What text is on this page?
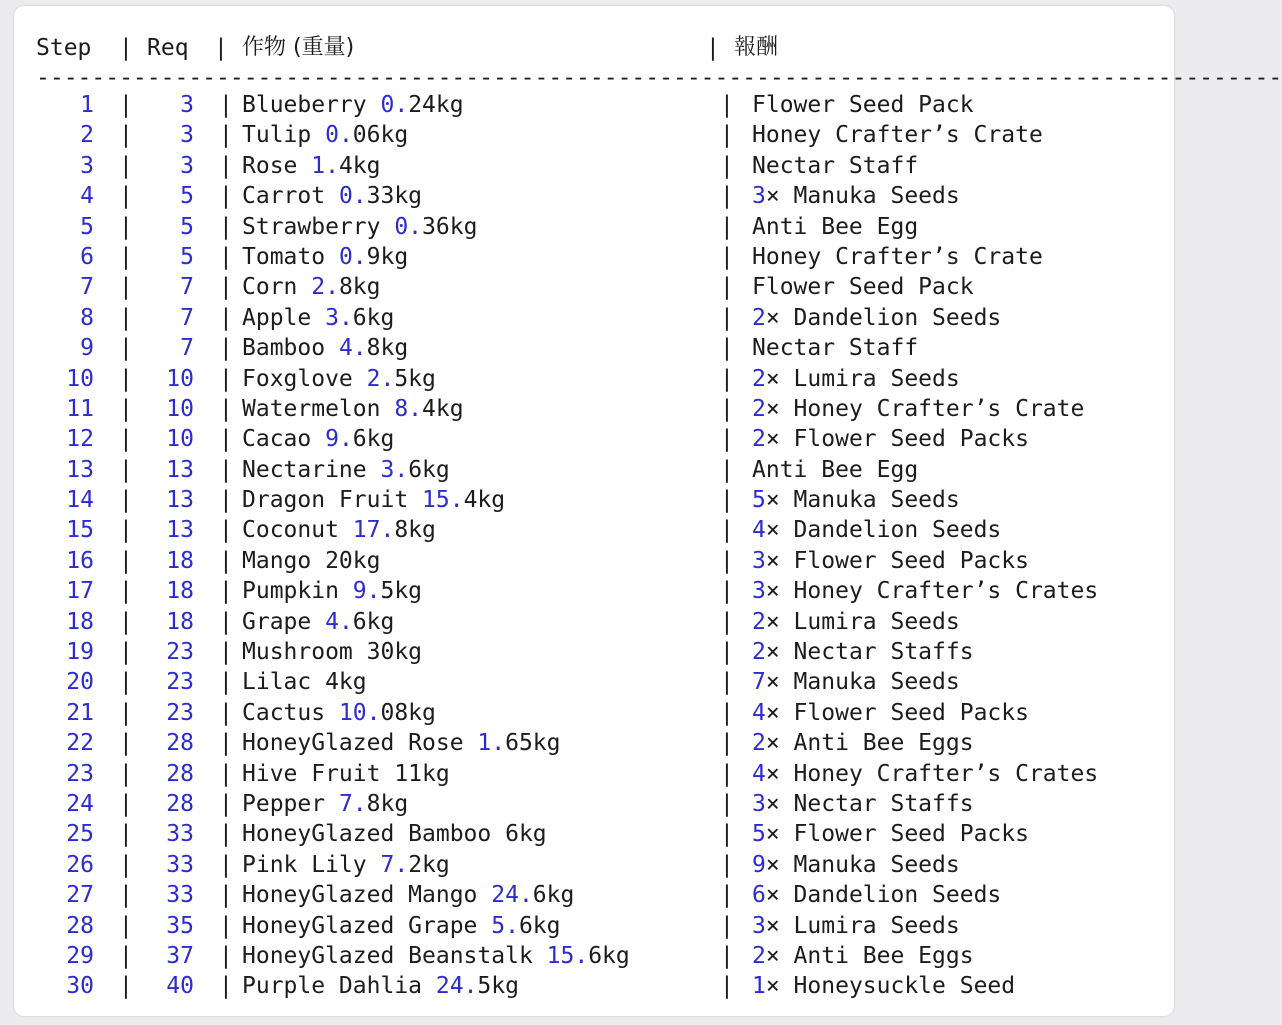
Step | Req | 作物 (重量)	| 報酬
------------------------------------------------------------------------------------------
1 |	3 | Blueberry 0.24kg	| Flower Seed Pack
2 |	3 | Tulip 0.06kg	| Honey Crafter’s Crate
3 |	3 | Rose 1.4kg	| Nectar Staff
4 |	5 | Carrot 0.33kg	| 3× Manuka Seeds
5 |	5 | Strawberry 0.36kg	| Anti Bee Egg
6 |	5 | Tomato 0.9kg	| Honey Crafter’s Crate
7 |	7 | Corn 2.8kg	| Flower Seed Pack
8 |	7 | Apple 3.6kg	| 2× Dandelion Seeds
9 |	7 | Bamboo 4.8kg	| Nectar Staff
10 |	10 | Foxglove 2.5kg	| 2× Lumira Seeds
11 |	10 | Watermelon 8.4kg	| 2× Honey Crafter’s Crate
12 |	10 | Cacao 9.6kg	| 2× Flower Seed Packs
13 |	13 | Nectarine 3.6kg	| Anti Bee Egg
14 |	13 | Dragon Fruit 15.4kg	| 5× Manuka Seeds
15 |	13 | Coconut 17.8kg	| 4× Dandelion Seeds
16 |	18 | Mango 20kg	| 3× Flower Seed Packs
17 |	18 | Pumpkin 9.5kg	| 3× Honey Crafter’s Crates
18 |	18 | Grape 4.6kg	| 2× Lumira Seeds
19 |	23 | Mushroom 30kg	| 2× Nectar Staffs
20 |	23 | Lilac 4kg	| 7× Manuka Seeds
21 |	23 | Cactus 10.08kg	| 4× Flower Seed Packs
22 |	28 | HoneyGlazed Rose 1.65kg	| 2× Anti Bee Eggs
23 |	28 | Hive Fruit 11kg	| 4× Honey Crafter’s Crates
24 |	28 | Pepper 7.8kg	| 3× Nectar Staffs
25 |	33 | HoneyGlazed Bamboo 6kg	| 5× Flower Seed Packs
26 |	33 | Pink Lily 7.2kg	| 9× Manuka Seeds
27 |	33 | HoneyGlazed Mango 24.6kg	| 6× Dandelion Seeds
28 |	35 | HoneyGlazed Grape 5.6kg	| 3× Lumira Seeds
29 |	37 | HoneyGlazed Beanstalk 15.6kg	| 2× Anti Bee Eggs
30 |	40 | Purple Dahlia 24.5kg	| 1× Honeysuckle Seed
